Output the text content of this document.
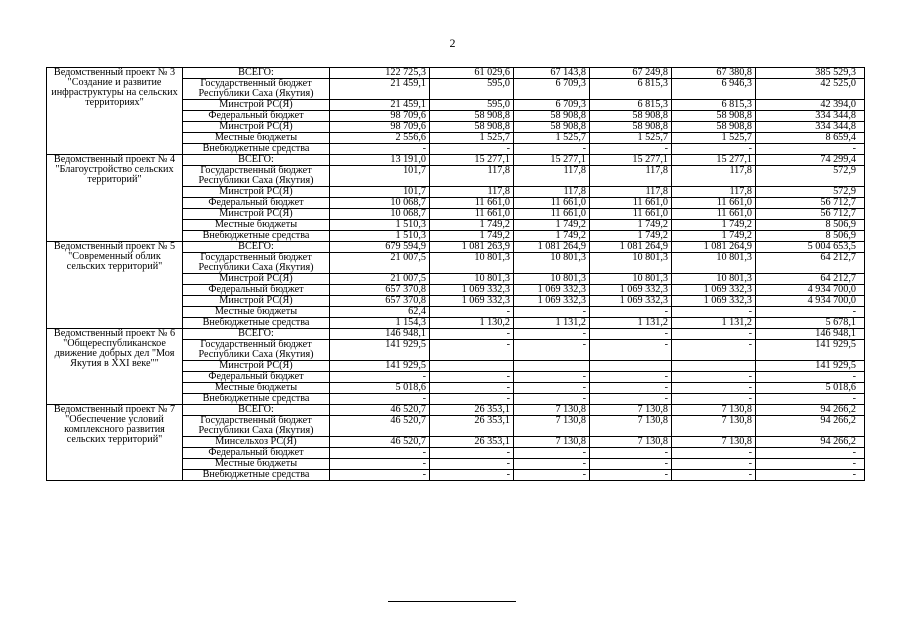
2
Ведомственный проект № 3 "Создание и развитие инфраструктуры на сельских территориях"	ВСЕГО:	122 725,3	61 029,6	67 143,8	67 249,8	67 380,8	385 529,3
	Государственный бюджет Республики Саха (Якутия)	21 459,1	595,0	6 709,3	6 815,3	6 946,3	42 525,0
	Минстрой РС(Я)	21 459,1	595,0	6 709,3	6 815,3	6 815,3	42 394,0
	Федеральный бюджет	98 709,6	58 908,8	58 908,8	58 908,8	58 908,8	334 344,8
	Минстрой РС(Я)	98 709,6	58 908,8	58 908,8	58 908,8	58 908,8	334 344,8
	Местные бюджеты	2 556,6	1 525,7	1 525,7	1 525,7	1 525,7	8 659,4
	Внебюджетные средства	-	-	-	-	-	-
Ведомственный проект № 4 "Благоустройство сельских территорий"	ВСЕГО:	13 191,0	15 277,1	15 277,1	15 277,1	15 277,1	74 299,4
	Государственный бюджет Республики Саха (Якутия)	101,7	117,8	117,8	117,8	117,8	572,9
	Минстрой РС(Я)	101,7	117,8	117,8	117,8	117,8	572,9
	Федеральный бюджет	10 068,7	11 661,0	11 661,0	11 661,0	11 661,0	56 712,7
	Минстрой РС(Я)	10 068,7	11 661,0	11 661,0	11 661,0	11 661,0	56 712,7
	Местные бюджеты	1 510,3	1 749,2	1 749,2	1 749,2	1 749,2	8 506,9
	Внебюджетные средства	1 510,3	1 749,2	1 749,2	1 749,2	1 749,2	8 506,9
Ведомственный проект № 5 "Современный облик сельских территорий"	ВСЕГО:	679 594,9	1 081 263,9	1 081 264,9	1 081 264,9	1 081 264,9	5 004 653,5
	Государственный бюджет Республики Саха (Якутия)	21 007,5	10 801,3	10 801,3	10 801,3	10 801,3	64 212,7
	Минстрой РС(Я)	21 007,5	10 801,3	10 801,3	10 801,3	10 801,3	64 212,7
	Федеральный бюджет	657 370,8	1 069 332,3	1 069 332,3	1 069 332,3	1 069 332,3	4 934 700,0
	Минстрой РС(Я)	657 370,8	1 069 332,3	1 069 332,3	1 069 332,3	1 069 332,3	4 934 700,0
	Местные бюджеты	62,4	-	-	-	-	-
	Внебюджетные средства	1 154,3	1 130,2	1 131,2	1 131,2	1 131,2	5 678,1
Ведомственный проект № 6 "Общереспубликанское движение добрых дел "Моя Якутия в XXI веке""	ВСЕГО:	146 948,1	-	-	-	-	146 948,1
	Государственный бюджет Республики Саха (Якутия)	141 929,5	-	-	-	-	141 929,5
	Минстрой РС(Я)	141 929,5					141 929,5
	Федеральный бюджет	-	-	-	-	-	-
	Местные бюджеты	5 018,6	-	-	-	-	5 018,6
	Внебюджетные средства	-	-	-	-	-	-
Ведомственный проект № 7 "Обеспечение условий комплексного развития сельских территорий"	ВСЕГО:	46 520,7	26 353,1	7 130,8	7 130,8	7 130,8	94 266,2
	Государственный бюджет Республики Саха (Якутия)	46 520,7	26 353,1	7 130,8	7 130,8	7 130,8	94 266,2
	Минсельхоз РС(Я)	46 520,7	26 353,1	7 130,8	7 130,8	7 130,8	94 266,2
	Федеральный бюджет	-	-	-	-	-	-
	Местные бюджеты	-	-	-	-	-	-
	Внебюджетные средства	-	-	-	-	-	-
